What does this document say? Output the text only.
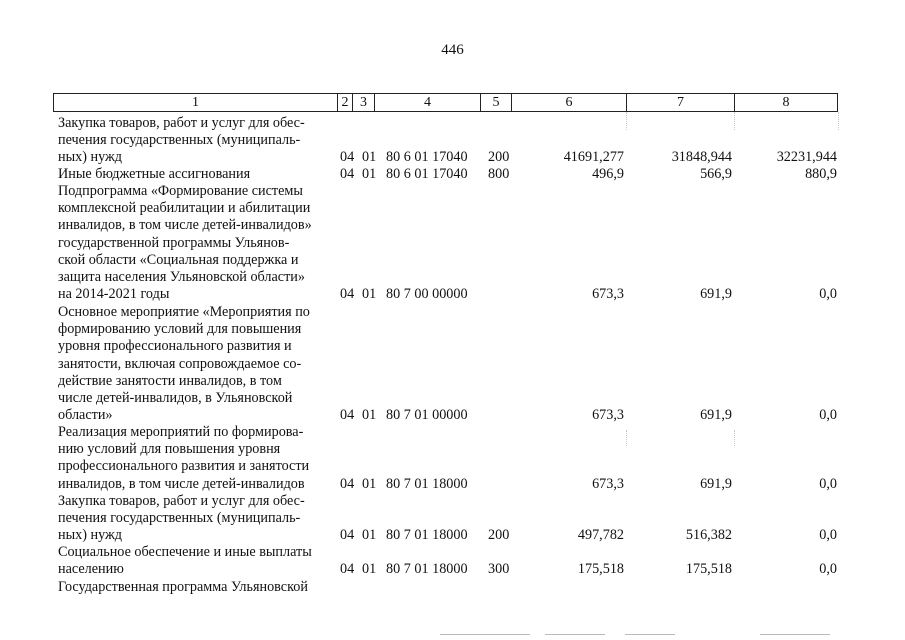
446
1	2 3	4	5	6	7	8
Закупка товаров, работ и услуг для обес-
печения государственных (муниципаль-
ных) нужд	04 01 80 6 01 17040 200	41691,277	31848,944	32231,944
Иные бюджетные ассигнования	04 01 80 6 01 17040 800	496,9	566,9	880,9
Подпрограмма «Формирование системы
комплексной реабилитации и абилитации
инвалидов, в том числе детей-инвалидов»
государственной программы Ульянов-
ской области «Социальная поддержка и
защита населения Ульяновской области»
на 2014-2021 годы	04 01 80 7 00 00000	673,3	691,9	0,0
Основное мероприятие «Мероприятия по
формированию условий для повышения
уровня профессионального развития и
занятости, включая сопровождаемое со-
действие занятости инвалидов, в том
числе детей-инвалидов, в Ульяновской
области»	04 01 80 7 01 00000	673,3	691,9	0,0
Реализация мероприятий по формирова-
нию условий для повышения уровня
профессионального развития и занятости
инвалидов, в том числе детей-инвалидов	04 01 80 7 01 18000	673,3	691,9	0,0
Закупка товаров, работ и услуг для обес-
печения государственных (муниципаль-
ных) нужд	04 01 80 7 01 18000 200	497,782	516,382	0,0
Социальное обеспечение и иные выплаты
населению	04 01 80 7 01 18000 300	175,518	175,518	0,0
Государственная программа Ульяновской
